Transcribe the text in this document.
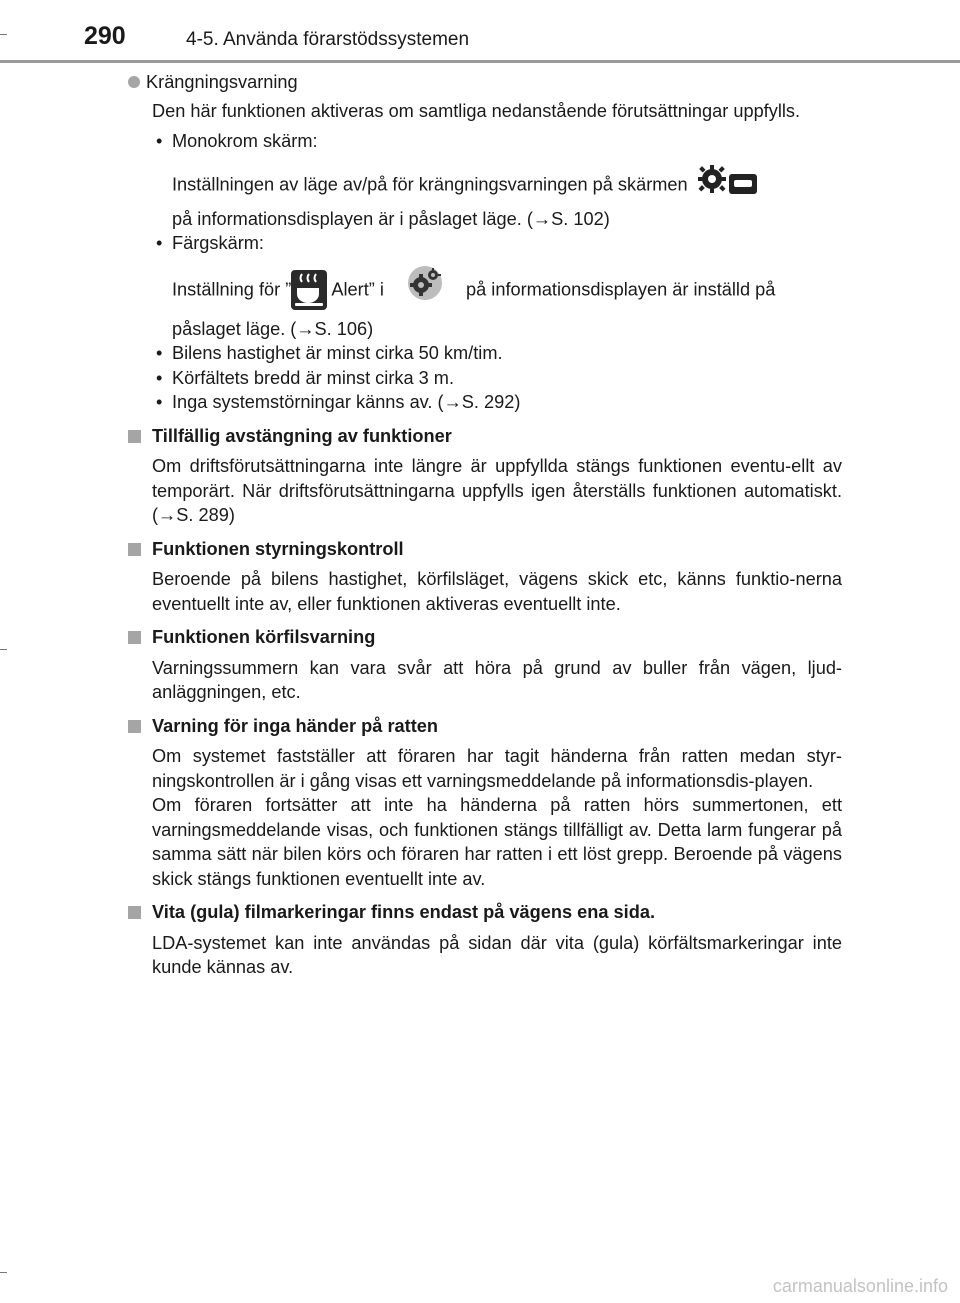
290	4-5. Använda förarstödssystemen

Krängningsvarning

Den här funktionen aktiveras om samtliga nedanstående förutsättningar uppfylls.

• Monokrom skärm:

Inställningen av läge av/på för krängningsvarningen på skärmen

på informationsdisplayen är i påslaget läge. (→S. 102)

• Färgskärm:

Inställning för ”
Alert” i	på informationsdisplayen är inställd på

påslaget läge. (→S. 106)

• Bilens hastighet är minst cirka 50 km/tim.

• Körfältets bredd är minst cirka 3 m.

• Inga systemstörningar känns av. (→S. 292)

Tillfällig avstängning av funktioner

Om driftsförutsättningarna inte längre är uppfyllda stängs funktionen eventu-ellt av temporärt. När driftsförutsättningarna uppfylls igen återställs funktionen automatiskt. (→S. 289)

Funktionen styrningskontroll

Beroende på bilens hastighet, körfilsläget, vägens skick etc, känns funktio-nerna eventuellt inte av, eller funktionen aktiveras eventuellt inte.

Funktionen körfilsvarning

Varningssummern kan vara svår att höra på grund av buller från vägen, ljud-anläggningen, etc.

Varning för inga händer på ratten

Om systemet fastställer att föraren har tagit händerna från ratten medan styr-ningskontrollen är i gång visas ett varningsmeddelande på informationsdis-playen.

Om föraren fortsätter att inte ha händerna på ratten hörs summertonen, ett varningsmeddelande visas, och funktionen stängs tillfälligt av. Detta larm fungerar på samma sätt när bilen körs och föraren har ratten i ett löst grepp. Beroende på vägens skick stängs funktionen eventuellt inte av.

Vita (gula) filmarkeringar finns endast på vägens ena sida.

LDA-systemet kan inte användas på sidan där vita (gula) körfältsmarkeringar inte kunde kännas av.

carmanualsonline.info
